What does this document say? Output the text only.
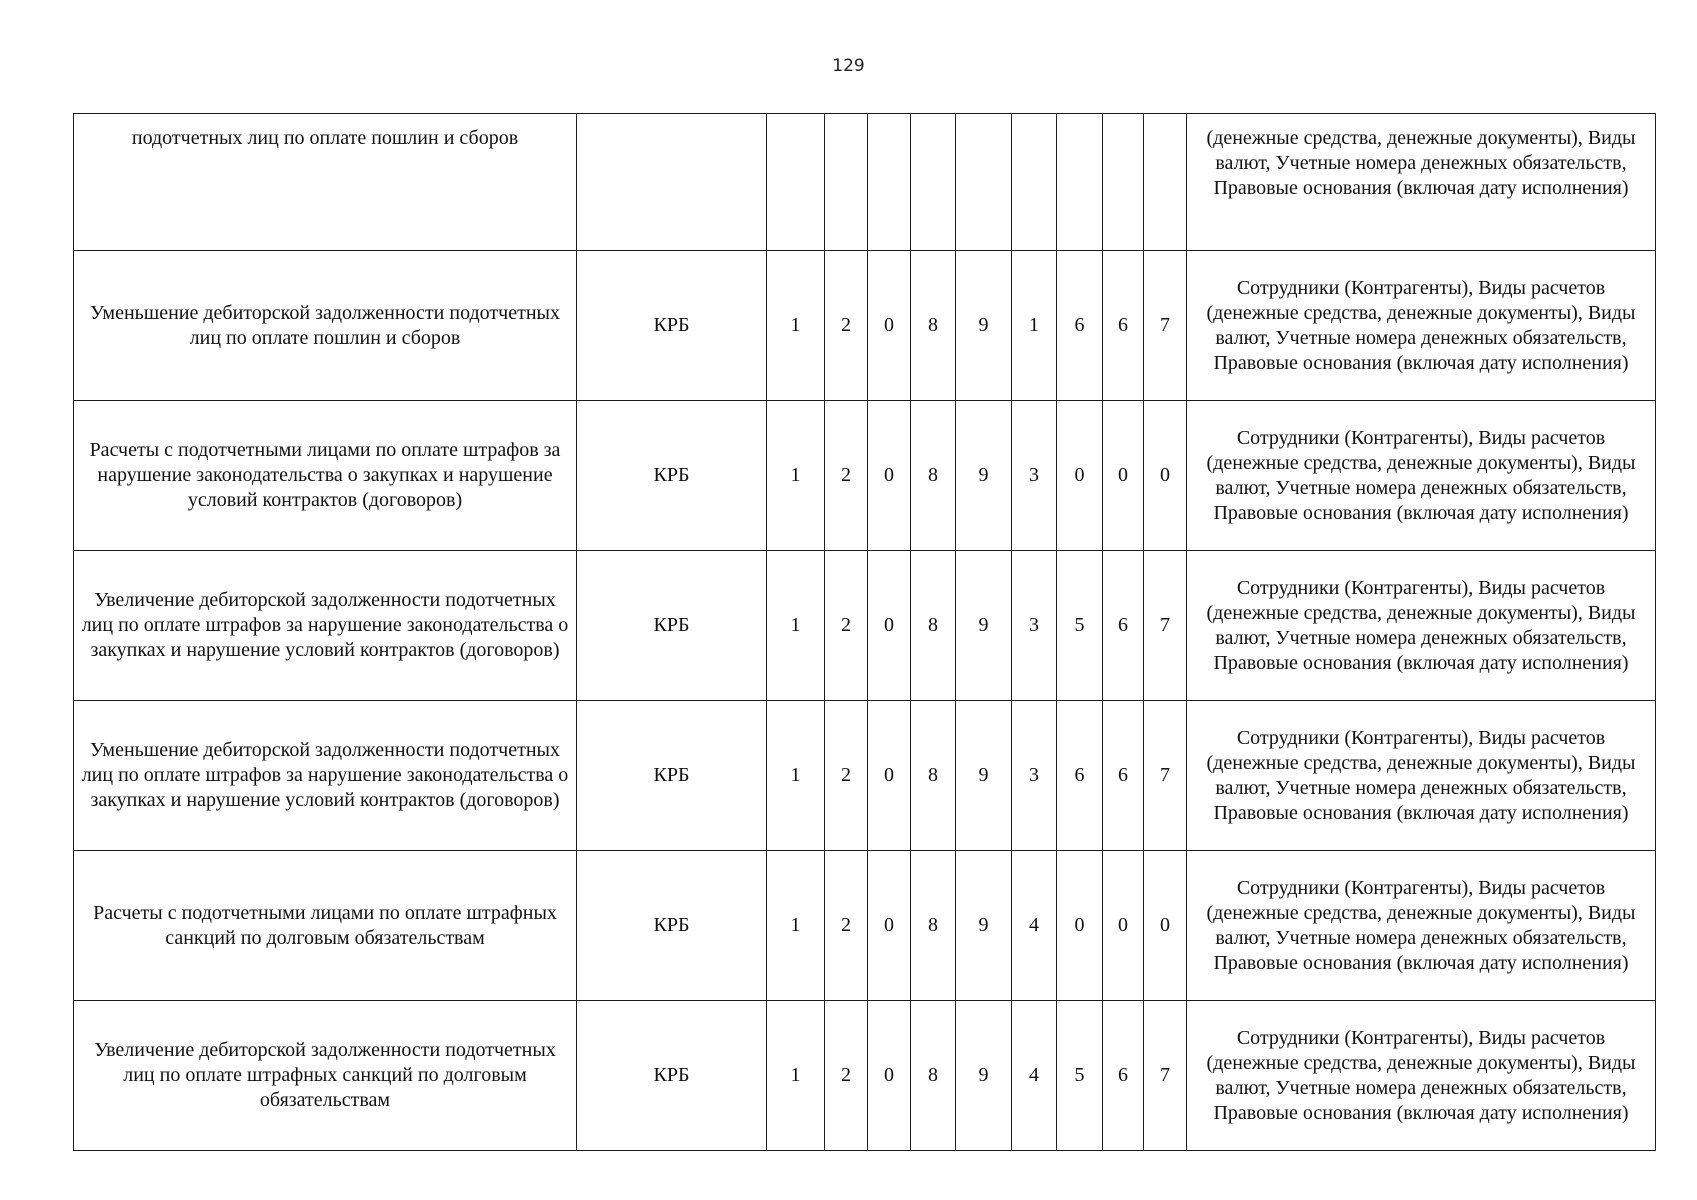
129
подотчетных лиц по оплате пошлин и сборов											(денежные средства, денежные документы), Виды валют, Учетные номера денежных обязательств, Правовые основания (включая дату исполнения)
Уменьшение дебиторской задолженности подотчетных лиц по оплате пошлин и сборов	КРБ	1	2	0	8	9	1	6	6	7	Сотрудники (Контрагенты), Виды расчетов (денежные средства, денежные документы), Виды валют, Учетные номера денежных обязательств, Правовые основания (включая дату исполнения)
Расчеты с подотчетными лицами по оплате штрафов за нарушение законодательства о закупках и нарушение условий контрактов (договоров)	КРБ	1	2	0	8	9	3	0	0	0	Сотрудники (Контрагенты), Виды расчетов (денежные средства, денежные документы), Виды валют, Учетные номера денежных обязательств, Правовые основания (включая дату исполнения)
Увеличение дебиторской задолженности подотчетных лиц по оплате штрафов за нарушение законодательства о закупках и нарушение условий контрактов (договоров)	КРБ	1	2	0	8	9	3	5	6	7	Сотрудники (Контрагенты), Виды расчетов (денежные средства, денежные документы), Виды валют, Учетные номера денежных обязательств, Правовые основания (включая дату исполнения)
Уменьшение дебиторской задолженности подотчетных лиц по оплате штрафов за нарушение законодательства о закупках и нарушение условий контрактов (договоров)	КРБ	1	2	0	8	9	3	6	6	7	Сотрудники (Контрагенты), Виды расчетов (денежные средства, денежные документы), Виды валют, Учетные номера денежных обязательств, Правовые основания (включая дату исполнения)
Расчеты с подотчетными лицами по оплате штрафных санкций по долговым обязательствам	КРБ	1	2	0	8	9	4	0	0	0	Сотрудники (Контрагенты), Виды расчетов (денежные средства, денежные документы), Виды валют, Учетные номера денежных обязательств, Правовые основания (включая дату исполнения)
Увеличение дебиторской задолженности подотчетных лиц по оплате штрафных санкций по долговым обязательствам	КРБ	1	2	0	8	9	4	5	6	7	Сотрудники (Контрагенты), Виды расчетов (денежные средства, денежные документы), Виды валют, Учетные номера денежных обязательств, Правовые основания (включая дату исполнения)
